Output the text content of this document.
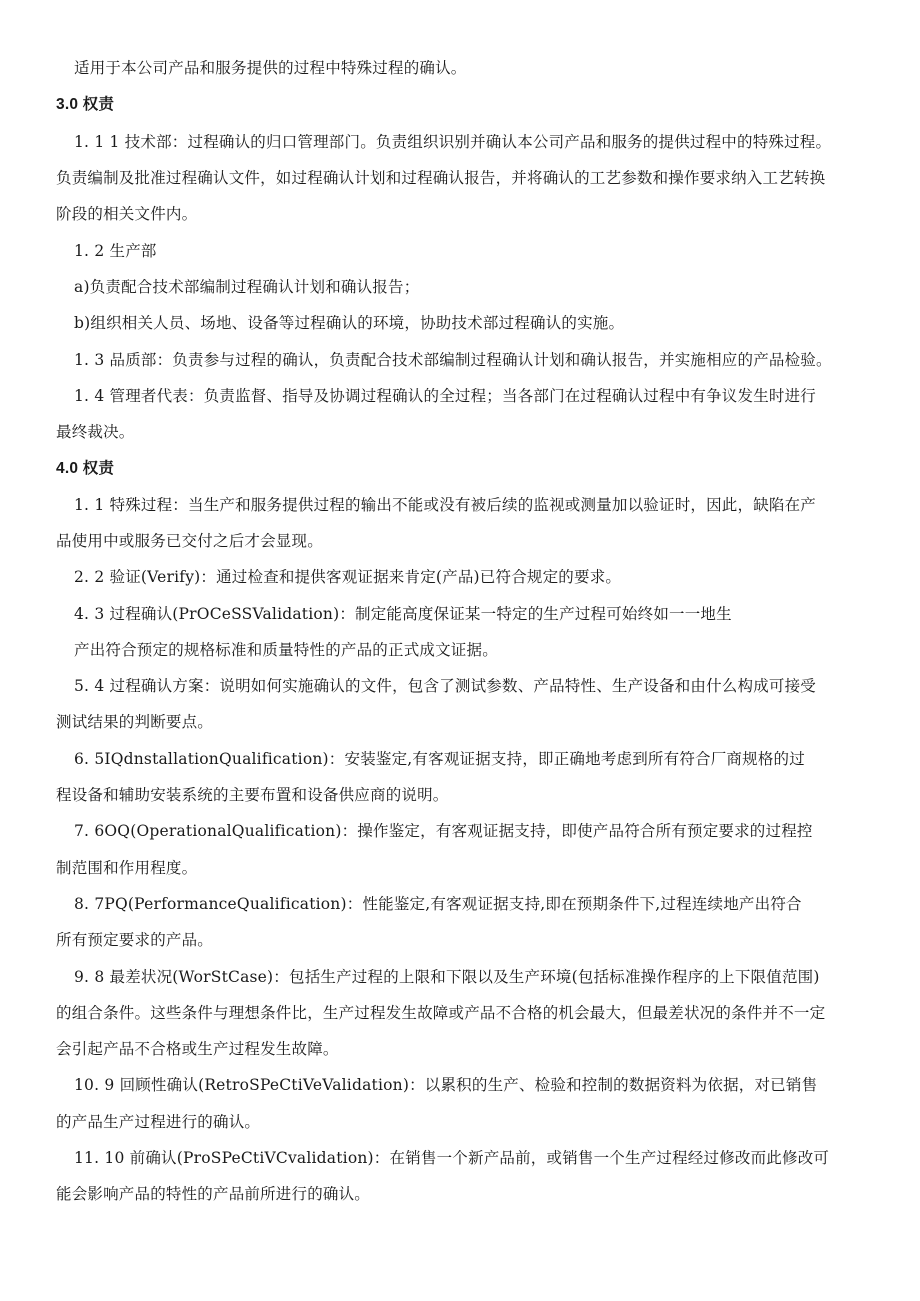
适用于本公司产品和服务提供的过程中特殊过程的确认。

3.0 权责

1. 1 1 技术部：过程确认的归口管理部门。负责组织识别并确认本公司产品和服务的提供过程中的特殊过程。

负责编制及批准过程确认文件，如过程确认计划和过程确认报告，并将确认的工艺参数和操作要求纳入工艺转换

阶段的相关文件内。

1. 2 生产部

a)负责配合技术部编制过程确认计划和确认报告；

b)组织相关人员、场地、设备等过程确认的环境，协助技术部过程确认的实施。

1. 3 品质部：负责参与过程的确认，负责配合技术部编制过程确认计划和确认报告，并实施相应的产品检验。

1. 4 管理者代表：负责监督、指导及协调过程确认的全过程；当各部门在过程确认过程中有争议发生时进行

最终裁决。

4.0 权责

1. 1 特殊过程：当生产和服务提供过程的输出不能或没有被后续的监视或测量加以验证时，因此，缺陷在产

品使用中或服务已交付之后才会显现。

2. 2 验证(Verify)：通过检查和提供客观证据来肯定(产品)已符合规定的要求。

4. 3 过程确认(PrOCeSSValidation)：制定能高度保证某一特定的生产过程可始终如一一地生

产出符合预定的规格标准和质量特性的产品的正式成文证据。

5. 4 过程确认方案：说明如何实施确认的文件，包含了测试参数、产品特性、生产设备和由什么构成可接受

测试结果的判断要点。

6. 5IQdnstallationQualification)：安装鉴定,有客观证据支持，即正确地考虑到所有符合厂商规格的过

程设备和辅助安装系统的主要布置和设备供应商的说明。

7. 6OQ(OperationalQualification)：操作鉴定，有客观证据支持，即使产品符合所有预定要求的过程控

制范围和作用程度。

8. 7PQ(PerformanceQualification)：性能鉴定,有客观证据支持,即在预期条件下,过程连续地产出符合

所有预定要求的产品。

9. 8 最差状况(WorStCase)：包括生产过程的上限和下限以及生产环境(包括标准操作程序的上下限值范围)

的组合条件。这些条件与理想条件比，生产过程发生故障或产品不合格的机会最大，但最差状况的条件并不一定

会引起产品不合格或生产过程发生故障。

10. 9 回顾性确认(RetroSPeCtiVeValidation)：以累积的生产、检验和控制的数据资料为依据，对已销售

的产品生产过程进行的确认。

11. 10 前确认(ProSPeCtiVCvalidation)：在销售一个新产品前，或销售一个生产过程经过修改而此修改可

能会影响产品的特性的产品前所进行的确认。
